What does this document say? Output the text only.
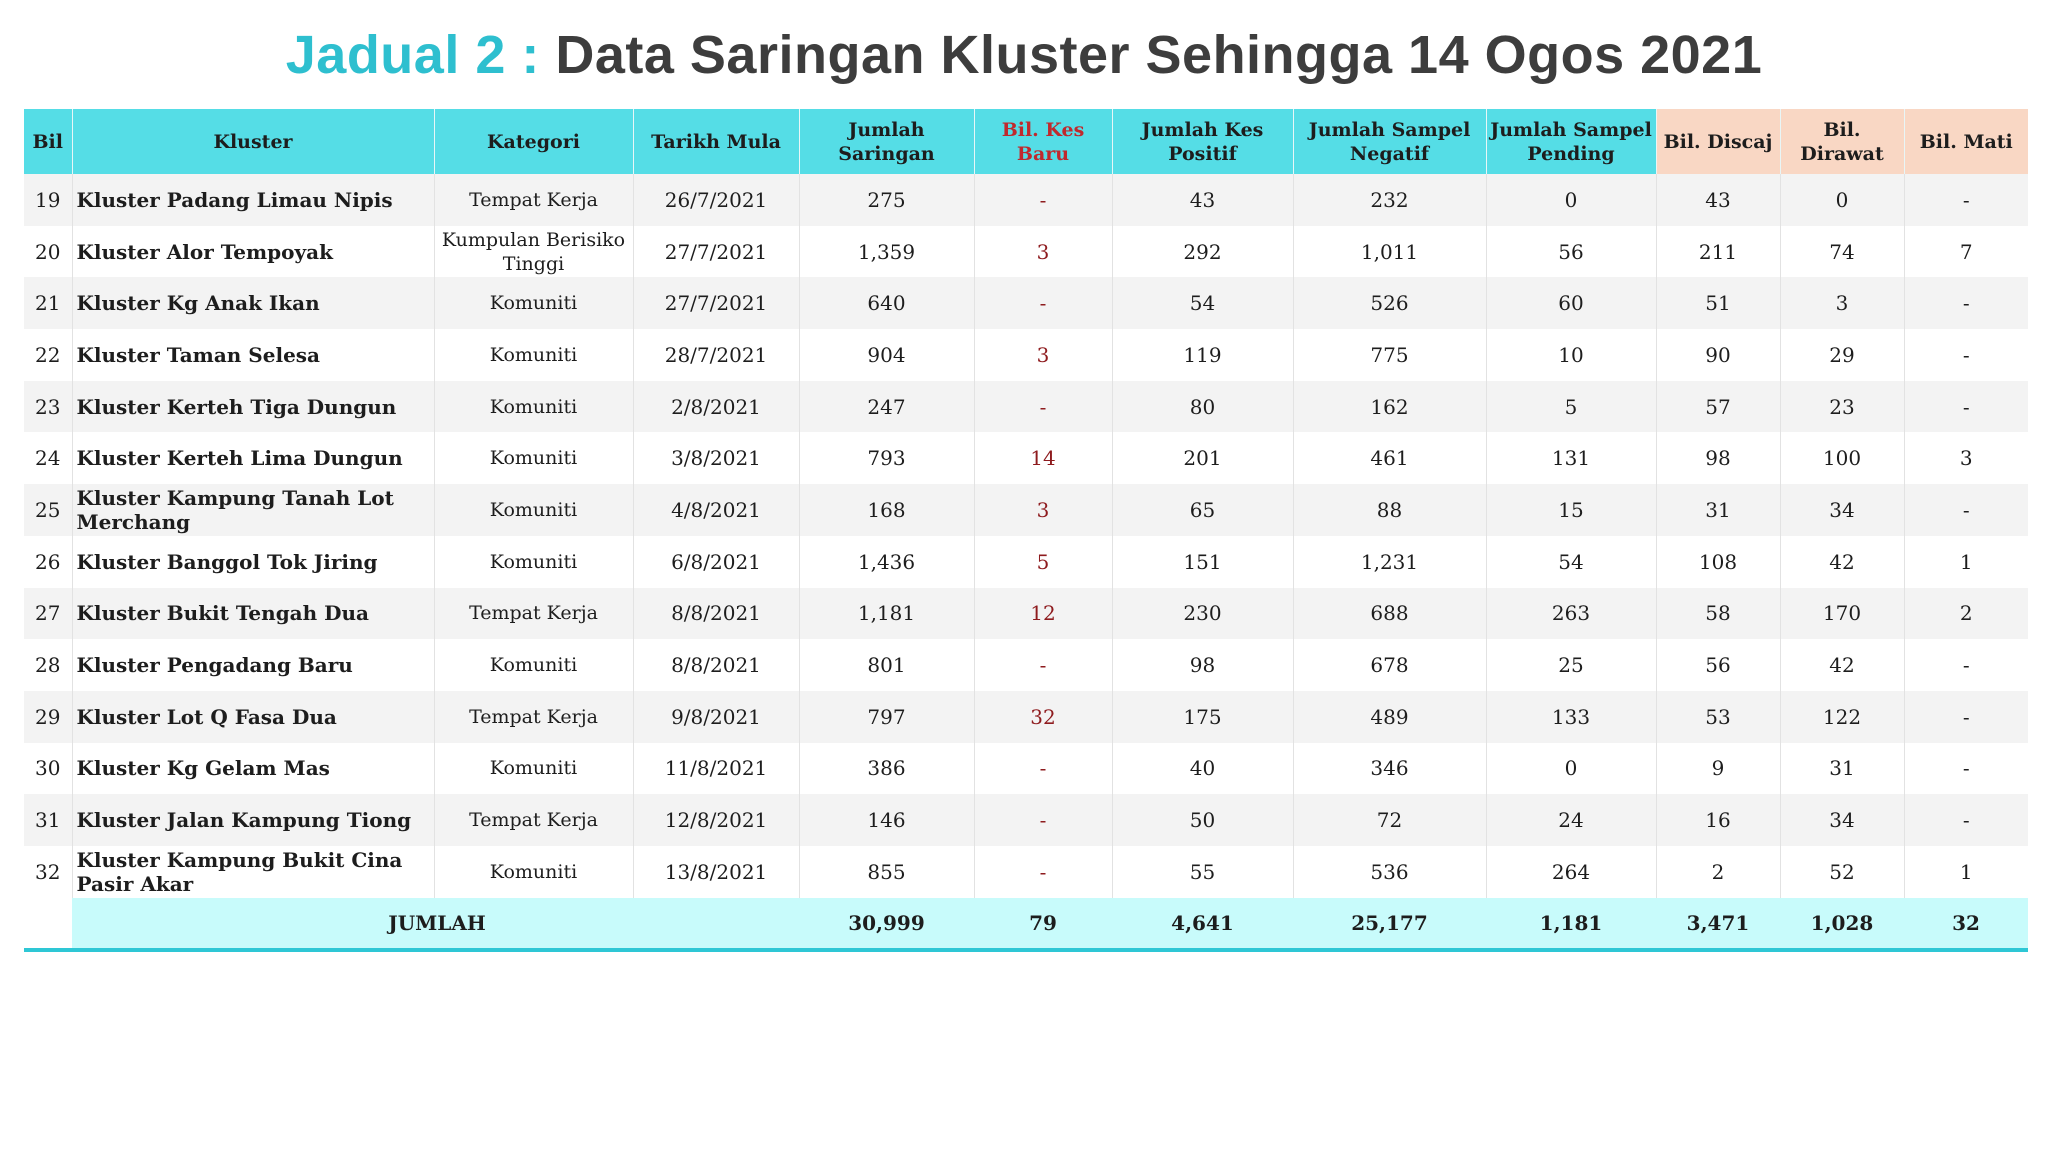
Jadual 2 : Data Saringan Kluster Sehingga 14 Ogos 2021
Bil	Kluster	Kategori	Tarikh Mula	Jumlah Saringan	Bil. Kes Baru	Jumlah Kes Positif	Jumlah Sampel Negatif	Jumlah Sampel Pending	Bil. Discaj	Bil. Dirawat	Bil. Mati
19	Kluster Padang Limau Nipis	Tempat Kerja	26/7/2021	275	-	43	232	0	43	0	-
20	Kluster Alor Tempoyak	Kumpulan Berisiko Tinggi	27/7/2021	1,359	3	292	1,011	56	211	74	7
21	Kluster Kg Anak Ikan	Komuniti	27/7/2021	640	-	54	526	60	51	3	-
22	Kluster Taman Selesa	Komuniti	28/7/2021	904	3	119	775	10	90	29	-
23	Kluster Kerteh Tiga Dungun	Komuniti	2/8/2021	247	-	80	162	5	57	23	-
24	Kluster Kerteh Lima Dungun	Komuniti	3/8/2021	793	14	201	461	131	98	100	3
25	Kluster Kampung Tanah Lot Merchang	Komuniti	4/8/2021	168	3	65	88	15	31	34	-
26	Kluster Banggol Tok Jiring	Komuniti	6/8/2021	1,436	5	151	1,231	54	108	42	1
27	Kluster Bukit Tengah Dua	Tempat Kerja	8/8/2021	1,181	12	230	688	263	58	170	2
28	Kluster Pengadang Baru	Komuniti	8/8/2021	801	-	98	678	25	56	42	-
29	Kluster Lot Q Fasa Dua	Tempat Kerja	9/8/2021	797	32	175	489	133	53	122	-
30	Kluster Kg Gelam Mas	Komuniti	11/8/2021	386	-	40	346	0	9	31	-
31	Kluster Jalan Kampung Tiong	Tempat Kerja	12/8/2021	146	-	50	72	24	16	34	-
32	Kluster Kampung Bukit Cina Pasir Akar	Komuniti	13/8/2021	855	-	55	536	264	2	52	1
	JUMLAH			30,999	79	4,641	25,177	1,181	3,471	1,028	32
